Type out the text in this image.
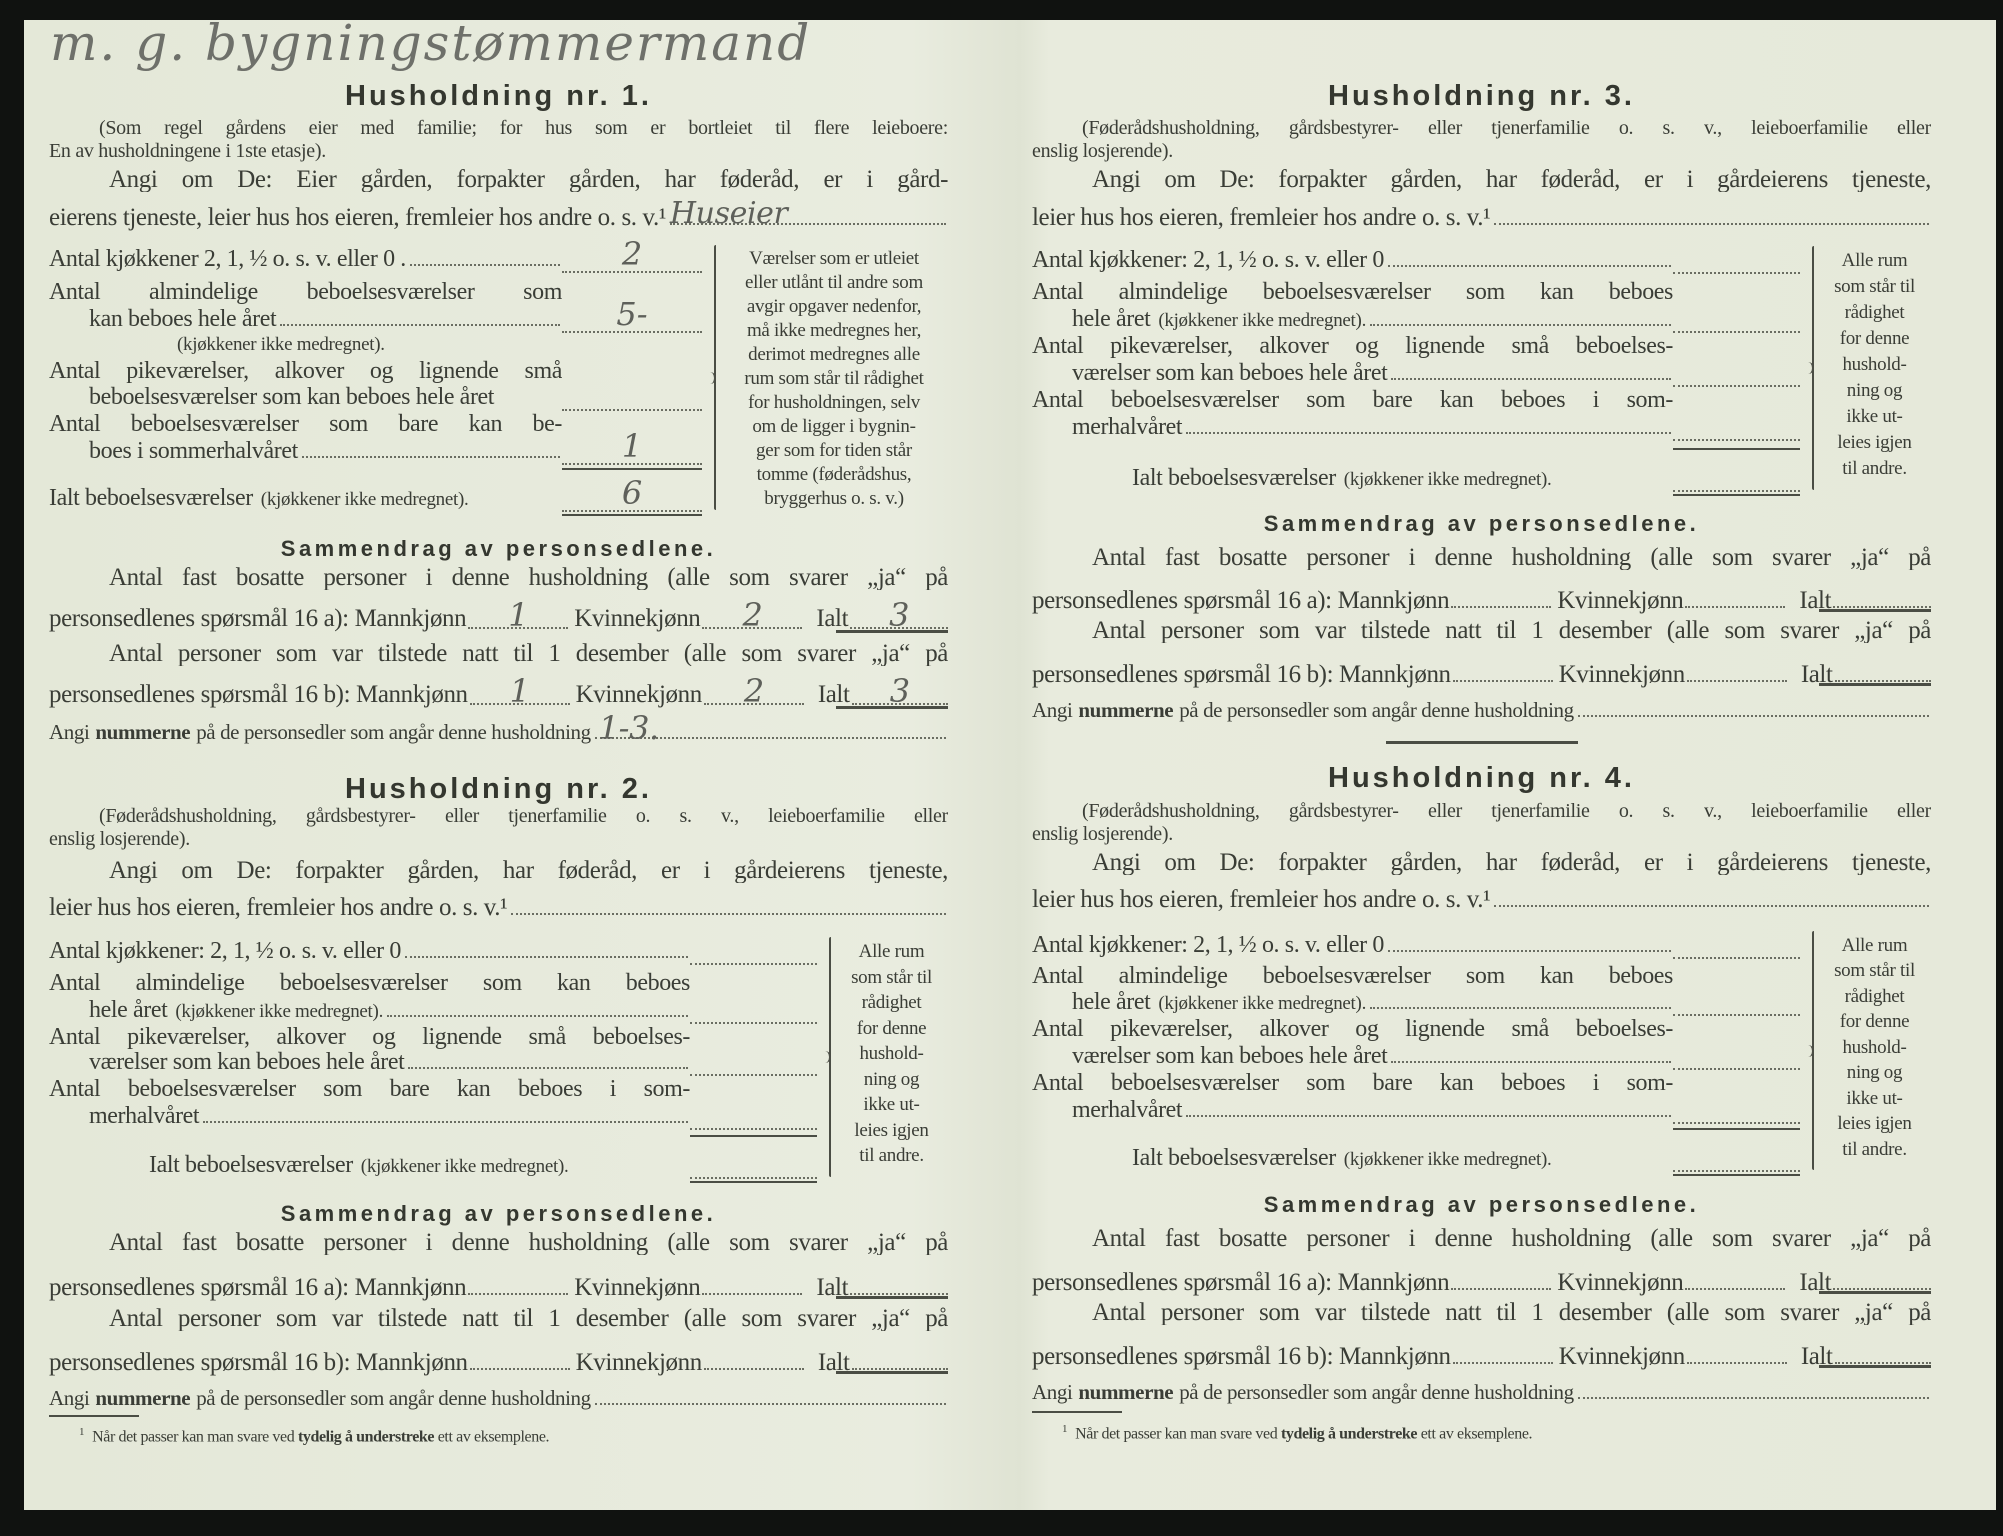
m. g. bygningstømmermand
Husholdning nr. 1.
(Som regel gårdens eier med familie; for hus som er bortleiet til flere leieboere:
En av husholdningene i 1ste etasje).
Angi om De: Eier gården, forpakter gården, har føderåd, er i gård-
eierens tjeneste, leier hus hos eieren, fremleier hos andre o. s. v.¹ Huseier
Antal kjøkkener 2, 1, ½ o. s. v. eller 0 .	2
Antal almindelige beboelsesværelser som
kan beboes hele året	5-
(kjøkkener ikke medregnet).
Antal pikeværelser, alkover og lignende små
beboelsesværelser som kan beboes hele året
Antal beboelsesværelser som bare kan be-
boes i sommerhalvåret	1
Ialt beboelsesværelser (kjøkkener ikke medregnet).	6
Værelser som er utleiet
eller utlånt til andre som
avgir opgaver nedenfor,
må ikke medregnes her,
derimot medregnes alle
rum som står til rådighet
for husholdningen, selv
om de ligger i bygnin-
ger som for tiden står
tomme (føderådshus,
bryggerhus o. s. v.)
Sammendrag av personsedlene.
Antal fast bosatte personer i denne husholdning (alle som svarer „ja“ på
personsedlenes spørsmål 16 a): Mannkjønn	1	Kvinnekjønn	2	Ialt	3
personsedlenes spørsmål 16 b): Mannkjønn	1	Kvinnekjønn	2	Ialt	3
Antal personer som var tilstede natt til 1 desember (alle som svarer „ja“ på
Angi nummerne på de personsedler som angår denne husholdning 1-3.
Husholdning nr. 2.
(Føderådshusholdning, gårdsbestyrer- eller tjenerfamilie o. s. v., leieboerfamilie eller
enslig losjerende).
Angi om De: forpakter gården, har føderåd, er i gårdeierens tjeneste,
leier hus hos eieren, fremleier hos andre o. s. v.¹
Antal kjøkkener: 2, 1, ½ o. s. v. eller 0
Antal almindelige beboelsesværelser som kan beboes
hele året (kjøkkener ikke medregnet).
Antal pikeværelser, alkover og lignende små beboelses-
værelser som kan beboes hele året
Antal beboelsesværelser som bare kan beboes i som-
merhalvåret
Ialt beboelsesværelser (kjøkkener ikke medregnet).
Alle rum
som står til
rådighet
for denne
hushold-
ning og
ikke ut-
leies igjen
til andre.
Sammendrag av personsedlene.
Antal fast bosatte personer i denne husholdning (alle som svarer „ja“ på
personsedlenes spørsmål 16 a): Mannkjønn	Kvinnekjønn	Ialt
personsedlenes spørsmål 16 b): Mannkjønn	Kvinnekjønn	Ialt
Antal personer som var tilstede natt til 1 desember (alle som svarer „ja“ på
Angi nummerne på de personsedler som angår denne husholdning
$^1$ Når det passer kan man svare ved tydelig å understreke ett av eksemplene.
Husholdning nr. 3.
(Føderådshusholdning, gårdsbestyrer- eller tjenerfamilie o. s. v., leieboerfamilie eller
enslig losjerende).
Angi om De: forpakter gården, har føderåd, er i gårdeierens tjeneste,
leier hus hos eieren, fremleier hos andre o. s. v.¹
Antal kjøkkener: 2, 1, ½ o. s. v. eller 0
Antal almindelige beboelsesværelser som kan beboes
hele året (kjøkkener ikke medregnet).
Antal pikeværelser, alkover og lignende små beboelses-
værelser som kan beboes hele året
Antal beboelsesværelser som bare kan beboes i som-
merhalvåret
Ialt beboelsesværelser (kjøkkener ikke medregnet).
Alle rum
som står til
rådighet
for denne
hushold-
ning og
ikke ut-
leies igjen
til andre.
Sammendrag av personsedlene.
Antal fast bosatte personer i denne husholdning (alle som svarer „ja“ på
personsedlenes spørsmål 16 a): Mannkjønn	Kvinnekjønn	Ialt
personsedlenes spørsmål 16 b): Mannkjønn	Kvinnekjønn	Ialt
Antal personer som var tilstede natt til 1 desember (alle som svarer „ja“ på
Angi nummerne på de personsedler som angår denne husholdning
Husholdning nr. 4.
(Føderådshusholdning, gårdsbestyrer- eller tjenerfamilie o. s. v., leieboerfamilie eller
enslig losjerende).
Angi om De: forpakter gården, har føderåd, er i gårdeierens tjeneste,
leier hus hos eieren, fremleier hos andre o. s. v.¹
Antal kjøkkener: 2, 1, ½ o. s. v. eller 0
Antal almindelige beboelsesværelser som kan beboes
hele året (kjøkkener ikke medregnet).
Antal pikeværelser, alkover og lignende små beboelses-
værelser som kan beboes hele året
Antal beboelsesværelser som bare kan beboes i som-
merhalvåret
Ialt beboelsesværelser (kjøkkener ikke medregnet).
Alle rum
som står til
rådighet
for denne
hushold-
ning og
ikke ut-
leies igjen
til andre.
Sammendrag av personsedlene.
Antal fast bosatte personer i denne husholdning (alle som svarer „ja“ på
personsedlenes spørsmål 16 a): Mannkjønn	Kvinnekjønn	Ialt
personsedlenes spørsmål 16 b): Mannkjønn	Kvinnekjønn	Ialt
Antal personer som var tilstede natt til 1 desember (alle som svarer „ja“ på
Angi nummerne på de personsedler som angår denne husholdning
$^1$ Når det passer kan man svare ved tydelig å understreke ett av eksemplene.
